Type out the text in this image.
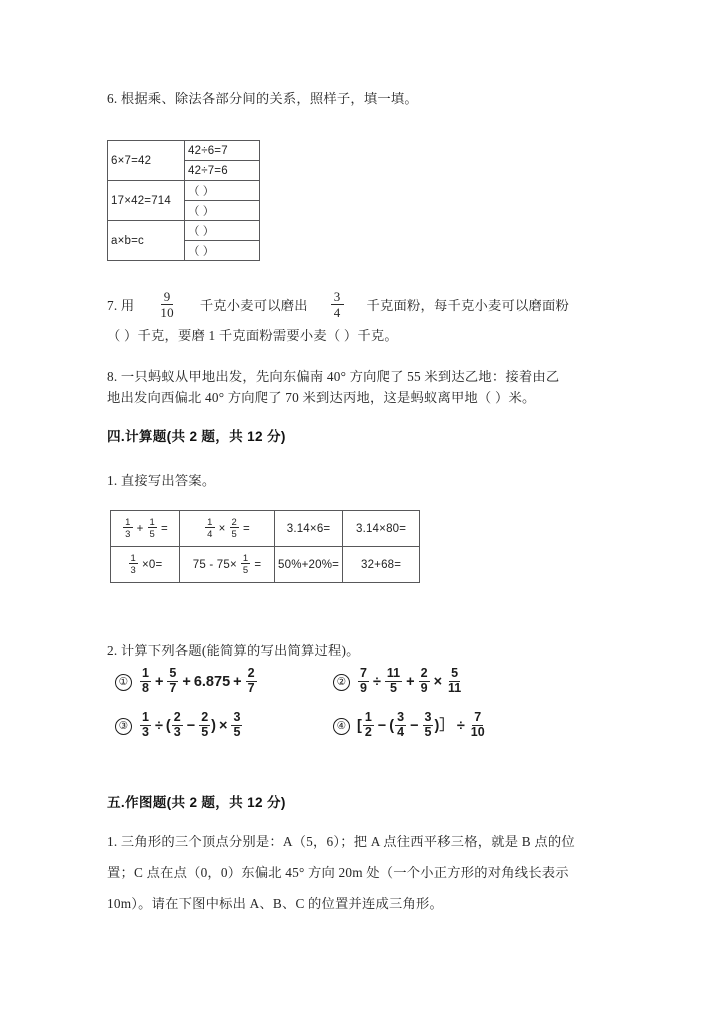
6. 根据乘、除法各部分间的关系，照样子，填一填。
6×7=42	42÷6=7
	42÷7=6
17×42=714	（ ）
	（ ）
a×b=c	（ ）
	（ ）
7. 用 $\frac{9}{10}$ 千克小麦可以磨出 $\frac{3}{4}$ 千克面粉，每千克小麦可以磨面粉
（ ）千克，要磨 1 千克面粉需要小麦（ ）千克。
8. 一只蚂蚁从甲地出发，先向东偏南 40° 方向爬了 55 米到达乙地：接着由乙
地出发向西偏北 40° 方向爬了 70 米到达丙地，这是蚂蚁离甲地（ ）米。
四.计算题(共 2 题，共 12 分)
1. 直接写出答案。
$\frac{1}{3} + \frac{1}{5}$ =	$\frac{1}{4} \times \frac{2}{5}$ =	3.14×6=	3.14×80=

$\frac{1}{3} \times 0=$	$75 - 75\times \frac{1}{5}$ =	50%+20%=	32+68=
2. 计算下列各题(能简算的写出简算过程)。
① $\frac{1}{8} + \frac{5}{7} + 6.875 + \frac{2}{7}$	② $\frac{7}{9} \div \frac{11}{5} + \frac{2}{9} \times \frac{5}{11}$
③ $\frac{1}{3}$ ÷ ( $\frac{2}{3} - \frac{2}{5}$ ) × $\frac{3}{5}$	④ [ $\frac{1}{2}$ − ( $\frac{3}{4} - \frac{3}{5}$ )］ ÷ $\frac{7}{10}$
五.作图题(共 2 题，共 12 分)
1. 三角形的三个顶点分别是：A（5，6）；把 A 点往西平移三格，就是 B 点的位
置；C 点在点（0，0）东偏北 45° 方向 20m 处（一个小正方形的对角线长表示
10m）。请在下图中标出 A、B、C 的位置并连成三角形。
